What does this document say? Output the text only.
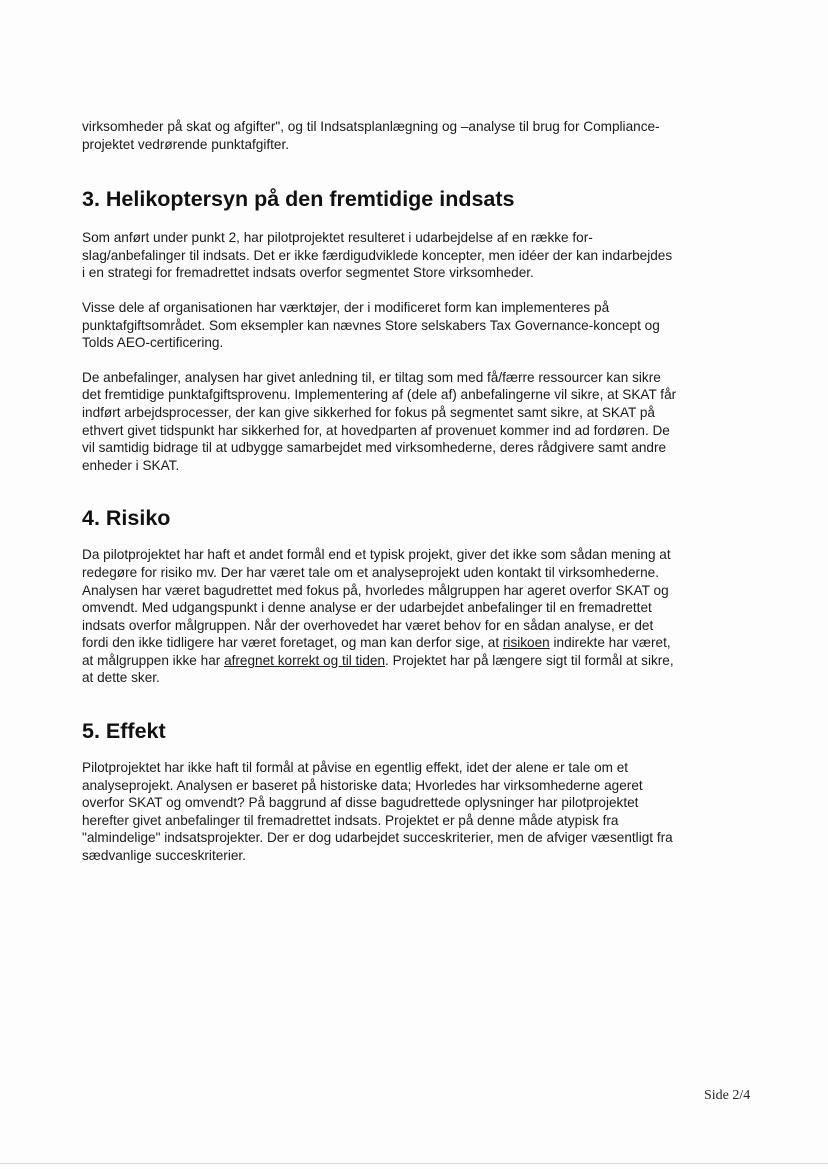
virksomheder på skat og afgifter", og til Indsatsplanlægning og –analyse til brug for Compliance-
projektet vedrørende punktafgifter.

3. Helikoptersyn på den fremtidige indsats

Som anført under punkt 2, har pilotprojektet resulteret i udarbejdelse af en række for-
slag/anbefalinger til indsats. Det er ikke færdigudviklede koncepter, men idéer der kan indarbejdes
i en strategi for fremadrettet indsats overfor segmentet Store virksomheder.

Visse dele af organisationen har værktøjer, der i modificeret form kan implementeres på
punktafgiftsområdet. Som eksempler kan nævnes Store selskabers Tax Governance-koncept og
Tolds AEO-certificering.

De anbefalinger, analysen har givet anledning til, er tiltag som med få/færre ressourcer kan sikre
det fremtidige punktafgiftsprovenu. Implementering af (dele af) anbefalingerne vil sikre, at SKAT får
indført arbejdsprocesser, der kan give sikkerhed for fokus på segmentet samt sikre, at SKAT på
ethvert givet tidspunkt har sikkerhed for, at hovedparten af provenuet kommer ind ad fordøren. De
vil samtidig bidrage til at udbygge samarbejdet med virksomhederne, deres rådgivere samt andre
enheder i SKAT.

4. Risiko

Da pilotprojektet har haft et andet formål end et typisk projekt, giver det ikke som sådan mening at
redegøre for risiko mv. Der har været tale om et analyseprojekt uden kontakt til virksomhederne.
Analysen har været bagudrettet med fokus på, hvorledes målgruppen har ageret overfor SKAT og
omvendt. Med udgangspunkt i denne analyse er der udarbejdet anbefalinger til en fremadrettet
indsats overfor målgruppen. Når der overhovedet har været behov for en sådan analyse, er det
fordi den ikke tidligere har været foretaget, og man kan derfor sige, at risikoen indirekte har været,
at målgruppen ikke har afregnet korrekt og til tiden. Projektet har på længere sigt til formål at sikre,
at dette sker.

5. Effekt

Pilotprojektet har ikke haft til formål at påvise en egentlig effekt, idet der alene er tale om et
analyseprojekt. Analysen er baseret på historiske data; Hvorledes har virksomhederne ageret
overfor SKAT og omvendt? På baggrund af disse bagudrettede oplysninger har pilotprojektet
herefter givet anbefalinger til fremadrettet indsats. Projektet er på denne måde atypisk fra
"almindelige" indsatsprojekter. Der er dog udarbejdet succeskriterier, men de afviger væsentligt fra
sædvanlige succeskriterier.

Side 2/4
